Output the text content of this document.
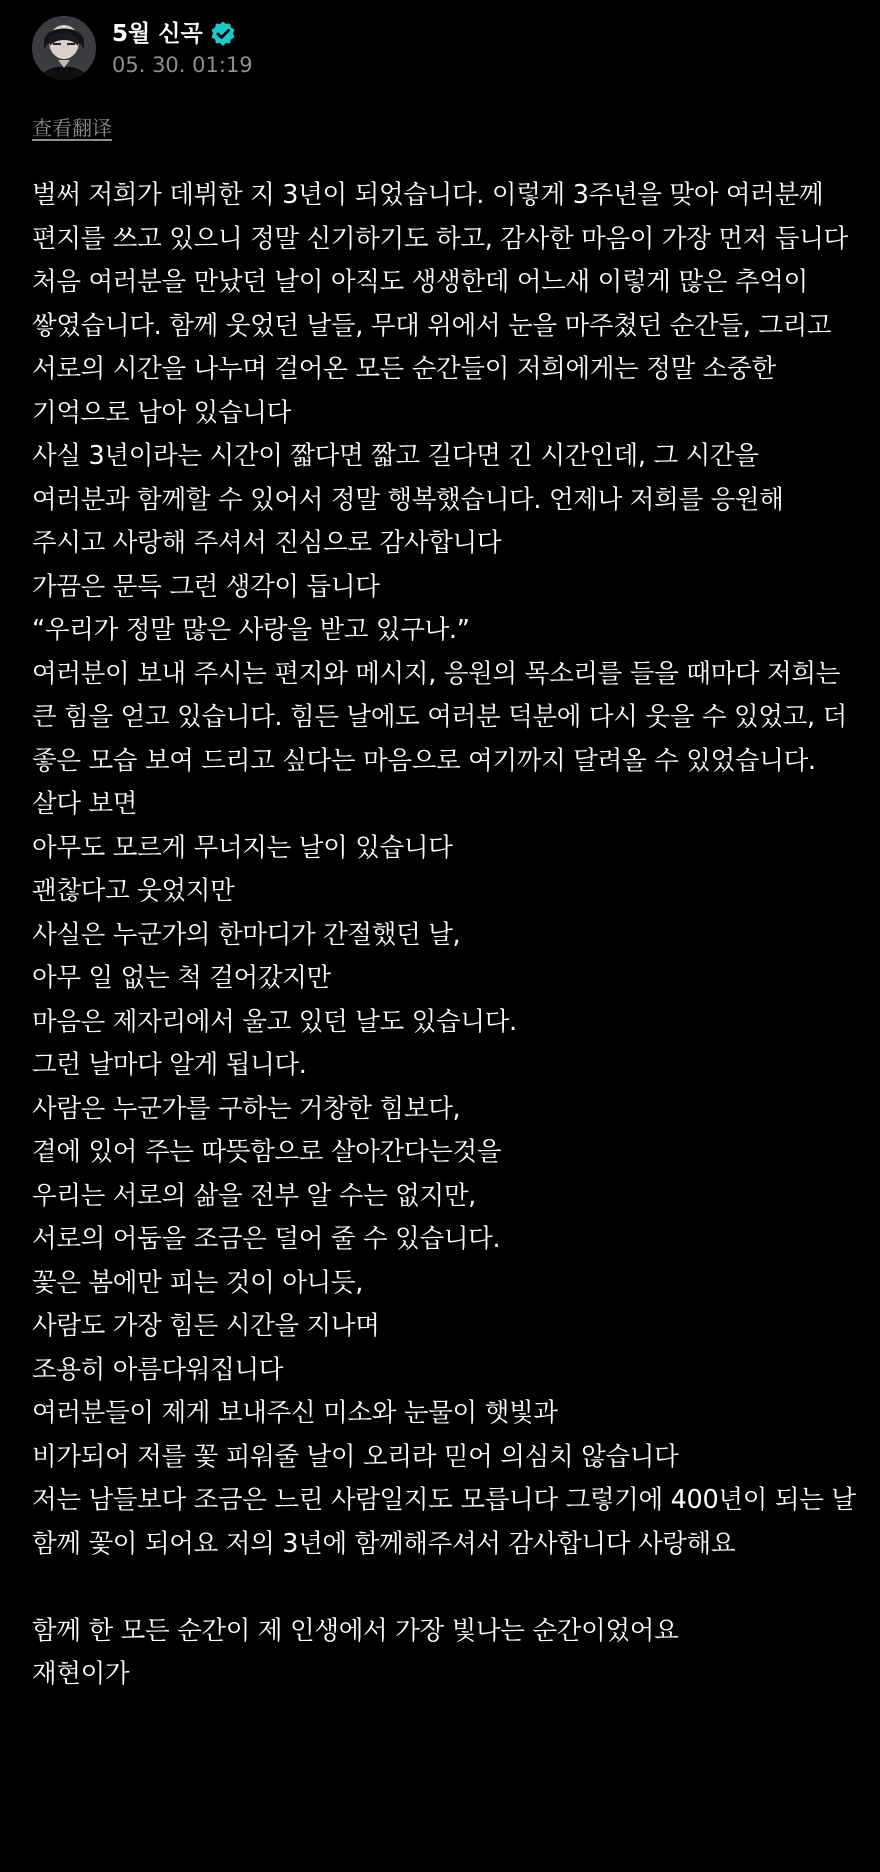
5월 신곡
05. 30. 01:19
查看翻译

벌써 저희가 데뷔한 지 3년이 되었습니다. 이렇게 3주년을 맞아 여러분께 편지를 쓰고 있으니 정말 신기하기도 하고, 감사한 마음이 가장 먼저 듭니다
처음 여러분을 만났던 날이 아직도 생생한데 어느새 이렇게 많은 추억이 쌓였습니다. 함께 웃었던 날들, 무대 위에서 눈을 마주쳤던 순간들, 그리고 서로의 시간을 나누며 걸어온 모든 순간들이 저희에게는 정말 소중한 기억으로 남아 있습니다
사실 3년이라는 시간이 짧다면 짧고 길다면 긴 시간인데, 그 시간을 여러분과 함께할 수 있어서 정말 행복했습니다. 언제나 저희를 응원해 주시고 사랑해 주셔서 진심으로 감사합니다
가끔은 문득 그런 생각이 듭니다
“우리가 정말 많은 사랑을 받고 있구나.”
여러분이 보내 주시는 편지와 메시지, 응원의 목소리를 들을 때마다 저희는 큰 힘을 얻고 있습니다. 힘든 날에도 여러분 덕분에 다시 웃을 수 있었고, 더 좋은 모습 보여 드리고 싶다는 마음으로 여기까지 달려올 수 있었습니다.
살다 보면
아무도 모르게 무너지는 날이 있습니다
괜찮다고 웃었지만
사실은 누군가의 한마디가 간절했던 날,
아무 일 없는 척 걸어갔지만
마음은 제자리에서 울고 있던 날도 있습니다.
그런 날마다 알게 됩니다.
사람은 누군가를 구하는 거창한 힘보다,
곁에 있어 주는 따뜻함으로 살아간다는것을
우리는 서로의 삶을 전부 알 수는 없지만,
서로의 어둠을 조금은 덜어 줄 수 있습니다.
꽃은 봄에만 피는 것이 아니듯,
사람도 가장 힘든 시간을 지나며
조용히 아름다워집니다
여러분들이 제게 보내주신 미소와 눈물이 햇빛과
비가되어 저를 꽃 피워줄 날이 오리라 믿어 의심치 않습니다
저는 남들보다 조금은 느린 사람일지도 모릅니다 그렇기에 400년이 되는 날 함께 꽃이 되어요 저의 3년에 함께해주셔서 감사합니다 사랑해요

함께 한 모든 순간이 제 인생에서 가장 빛나는 순간이었어요
재현이가
